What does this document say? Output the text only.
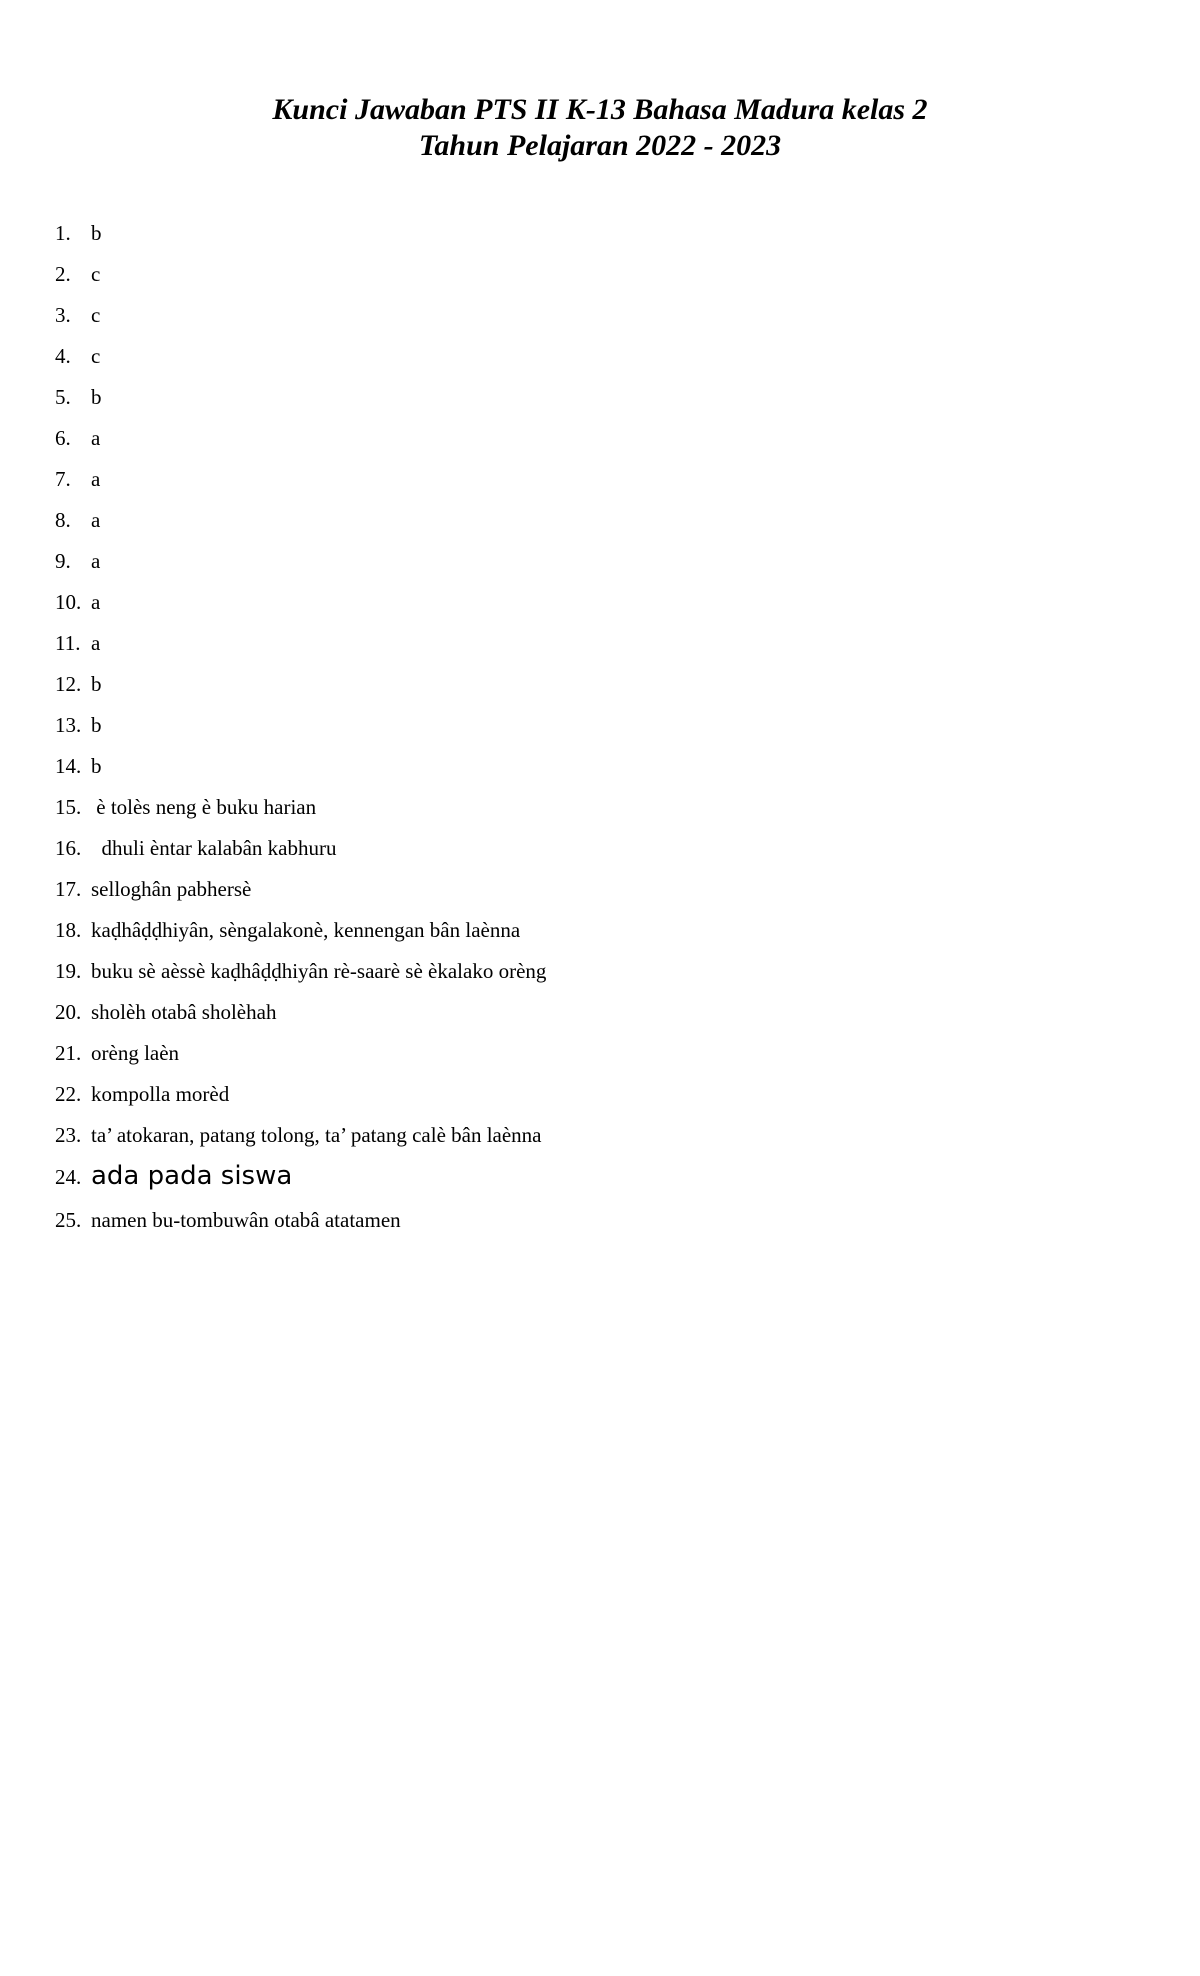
Kunci Jawaban PTS II K-13 Bahasa Madura kelas 2
Tahun Pelajaran 2022 - 2023
1. b
2. c
3. c
4. c
5. b
6. a
7. a
8. a
9. a
10. a
11. a
12. b
13. b
14. b
15. è tolès neng è buku harian
16.  dhuli èntar kalabân kabhuru
17. selloghân pabhersè
18. kaḍhâḍḍhiyân, sèngalakonè, kennengan bân laènna
19. buku sè aèssè kaḍhâḍḍhiyân rè-saarè sè èkalako orèng
20. sholèh otabâ sholèhah
21. orèng laèn
22. kompolla morèd
23. ta’ atokaran, patang tolong, ta’ patang calè bân laènna
24. ada pada siswa
25. namen bu-tombuwân otabâ atatamen
